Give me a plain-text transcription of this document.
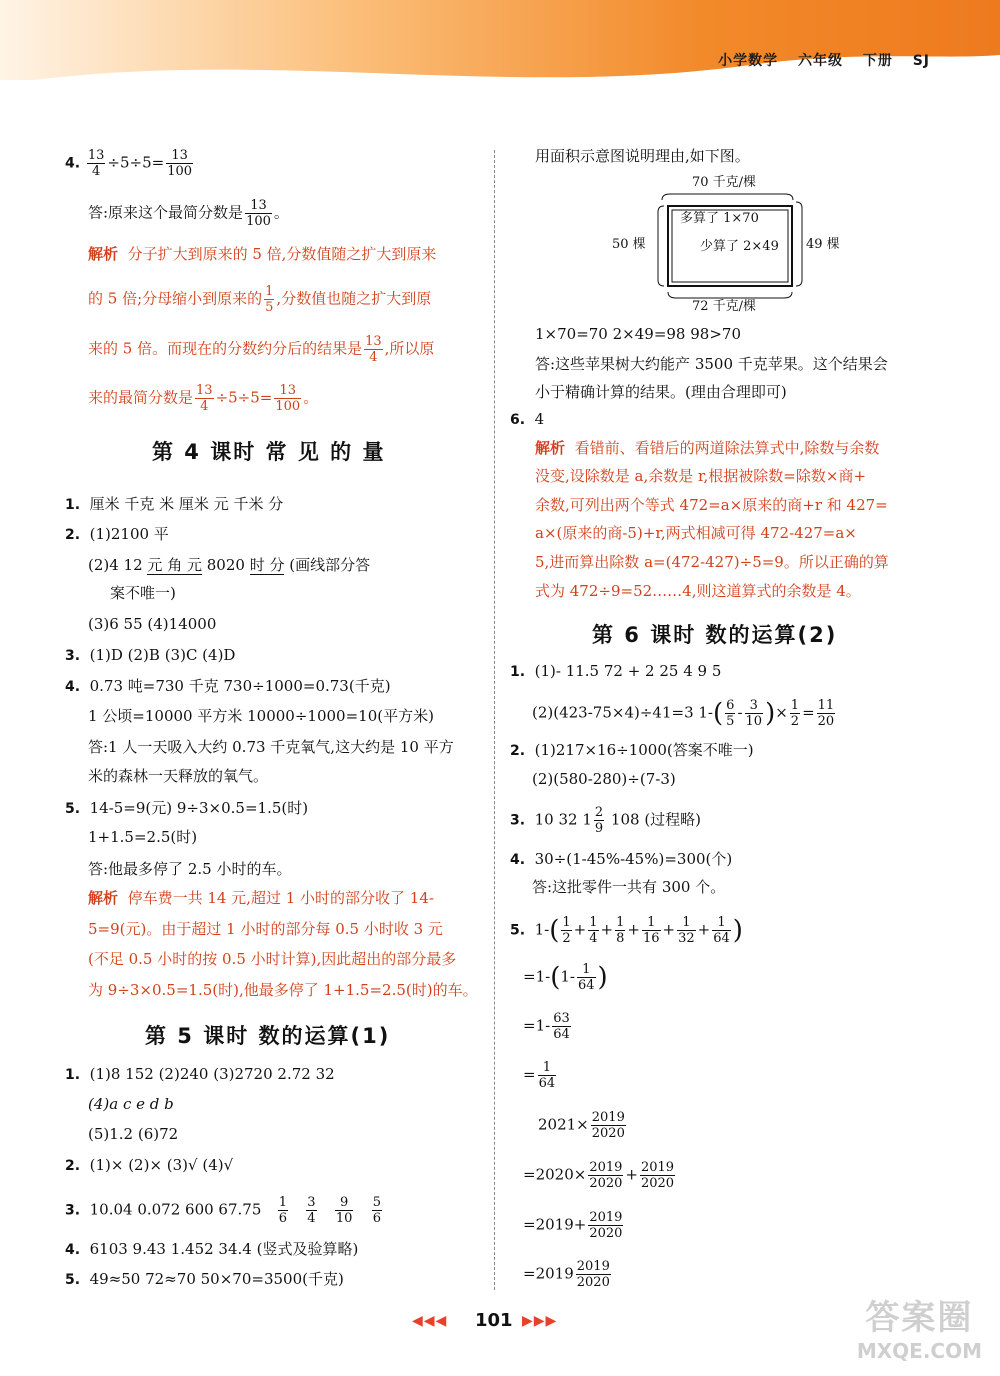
小学数学 六年级 下册 SJ
4. $\frac{13}{4} \div 5\div 5= \frac{13}{100}$
答:原来这个最简分数是 $\frac{13}{100}$ 。
解析 分子扩大到原来的 5 倍,分数值随之扩大到原来
的 5 倍;分母缩小到原来的 $\frac{1}{5}$ ,分数值也随之扩大到原
来的 5 倍。而现在的分数约分后的结果是 $\frac{13}{4}$ ,所以原
来的最简分数是 $\frac{13}{4} \div 5\div 5= \frac{13}{100}$ 。
第 4 课时 常 见 的 量
1. 厘米 千克 米 厘米 元 千米 分
2. (1)2100 平
(2)4 12 元 角 元 8020 时 分 (画线部分答
案不唯一)
(3)6 55 (4)14000
3. (1)D (2)B (3)C (4)D
4. 0.73 吨=730 千克 730÷1000=0.73(千克)
1 公顷=10000 平方米 10000÷1000=10(平方米)
答:1 人一天吸入大约 0.73 千克氧气,这大约是 10 平方
米的森林一天释放的氧气。
5. 14-5=9(元) 9÷3×0.5=1.5(时)
1+1.5=2.5(时)
答:他最多停了 2.5 小时的车。
解析 停车费一共 14 元,超过 1 小时的部分收了 14-
5=9(元)。由于超过 1 小时的部分每 0.5 小时收 3 元
(不足 0.5 小时的按 0.5 小时计算),因此超出的部分最多
为 9÷3×0.5=1.5(时),他最多停了 1+1.5=2.5(时)的车。
第 5 课时 数的运算(1)
1. (1)8 152 (2)240 (3)2720 2.72 32
(4)a c e d b
(5)1.2 (6)72
2. (1)× (2)× (3)√ (4)√
3. 10.04 0.072 600 $67.75 \frac{1}{6}$
$\frac{3}{4}$
$\frac{9}{10}$
$\frac{5}{6}$
4. 6103 9.43 1.452 34.4 (竖式及验算略)
5. 49≈50 72≈70 50×70=3500(千克)
用面积示意图说明理由,如下图。
70 千克/棵
多算了 1×70
少算了 2×49
50 棵	49 棵
72 千克/棵
1×70=70 2×49=98 98>70
答:这些苹果树大约能产 3500 千克苹果。这个结果会
小于精确计算的结果。(理由合理即可)
6. 4
解析 看错前、看错后的两道除法算式中,除数与余数
没变,设除数是 a,余数是 r,根据被除数=除数×商+
余数,可列出两个等式 472=a×原来的商+r 和 427=
a×(原来的商-5)+r,两式相减可得 472-427=a×
5,进而算出除数 a=(472-427)÷5=9。所以正确的算
式为 472÷9=52……4,则这道算式的余数是 4。
第 6 课时 数的运算(2)
1. (1)- 11.5 72 + 2 25 4 9 5
(2)(423-75×4)÷41=3 $1-( \frac{6}{5} - \frac{3}{10}$ )× $\frac{1}{2} = \frac{11}{20}$
2. (1)217×16÷1000(答案不唯一)
(2)(580-280)÷(7-3)
3. 10 32 $1 \frac{2}{9} 108$ (过程略)
4. 30÷(1-45%-45%)=300(个)
答:这批零件一共有 300 个。
5. $1-( \frac{1}{2} + \frac{1}{4} + \frac{1}{8} + \frac{1}{16} + \frac{1}{32} + \frac{1}{64}$ )
$=1-(1- \frac{1}{64}$ )
$=1- \frac{63}{64}$
= $\frac{1}{64}$
$2021\times \frac{2019}{2020}$
$=2020\times \frac{2019}{2020} + \frac{2019}{2020}$
$=2019+ \frac{2019}{2020}$
$=2019 \frac{2019}{2020}$
◀◀◀ 101 ▶▶▶	答案圈
MXQE.COM
